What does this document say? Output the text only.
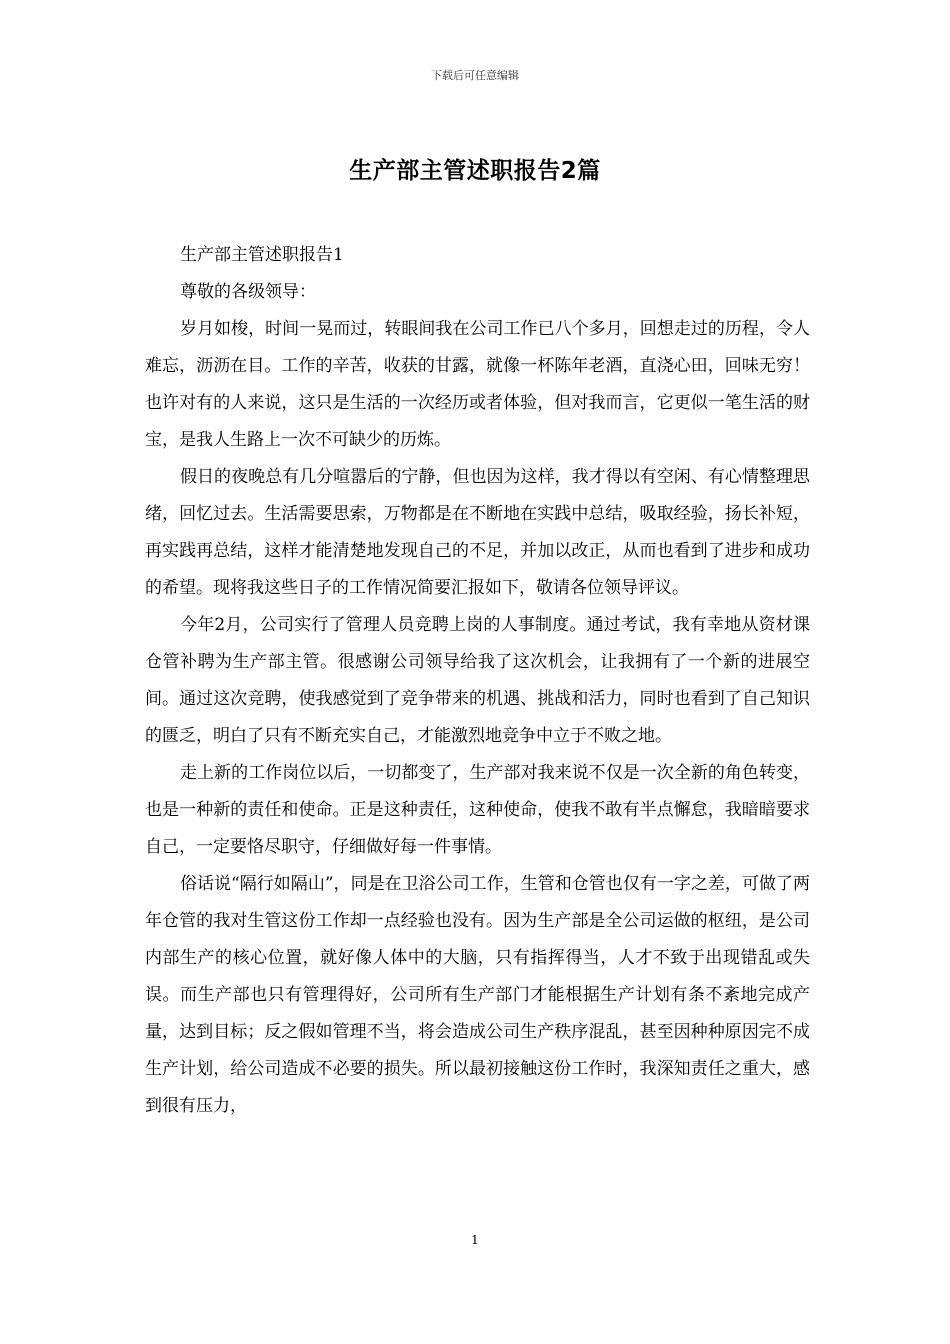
下载后可任意编辑
生产部主管述职报告2篇

生产部主管述职报告1

尊敬的各级领导：

岁月如梭，时间一晃而过，转眼间我在公司工作已八个多月，回想走过的历程，令人难忘，沥沥在目。工作的辛苦，收获的甘露，就像一杯陈年老酒，直浇心田，回味无穷！也许对有的人来说，这只是生活的一次经历或者体验，但对我而言，它更似一笔生活的财宝，是我人生路上一次不可缺少的历炼。

假日的夜晚总有几分喧嚣后的宁静，但也因为这样，我才得以有空闲、有心情整理思绪，回忆过去。生活需要思索，万物都是在不断地在实践中总结，吸取经验，扬长补短，再实践再总结，这样才能清楚地发现自己的不足，并加以改正，从而也看到了进步和成功的希望。现将我这些日子的工作情况简要汇报如下，敬请各位领导评议。

今年2月，公司实行了管理人员竞聘上岗的人事制度。通过考试，我有幸地从资材课仓管补聘为生产部主管。很感谢公司领导给我了这次机会，让我拥有了一个新的进展空间。通过这次竞聘，使我感觉到了竞争带来的机遇、挑战和活力，同时也看到了自己知识的匮乏，明白了只有不断充实自己，才能激烈地竞争中立于不败之地。

走上新的工作岗位以后，一切都变了，生产部对我来说不仅是一次全新的角色转变，也是一种新的责任和使命。正是这种责任，这种使命，使我不敢有半点懈怠，我暗暗要求自己，一定要恪尽职守，仔细做好每一件事情。

俗话说“隔行如隔山”，同是在卫浴公司工作，生管和仓管也仅有一字之差，可做了两年仓管的我对生管这份工作却一点经验也没有。因为生产部是全公司运做的枢纽，是公司内部生产的核心位置，就好像人体中的大脑，只有指挥得当，人才不致于出现错乱或失误。而生产部也只有管理得好，公司所有生产部门才能根据生产计划有条不紊地完成产量，达到目标；反之假如管理不当，将会造成公司生产秩序混乱，甚至因种种原因完不成生产计划，给公司造成不必要的损失。所以最初接触这份工作时，我深知责任之重大，感到很有压力，

1
